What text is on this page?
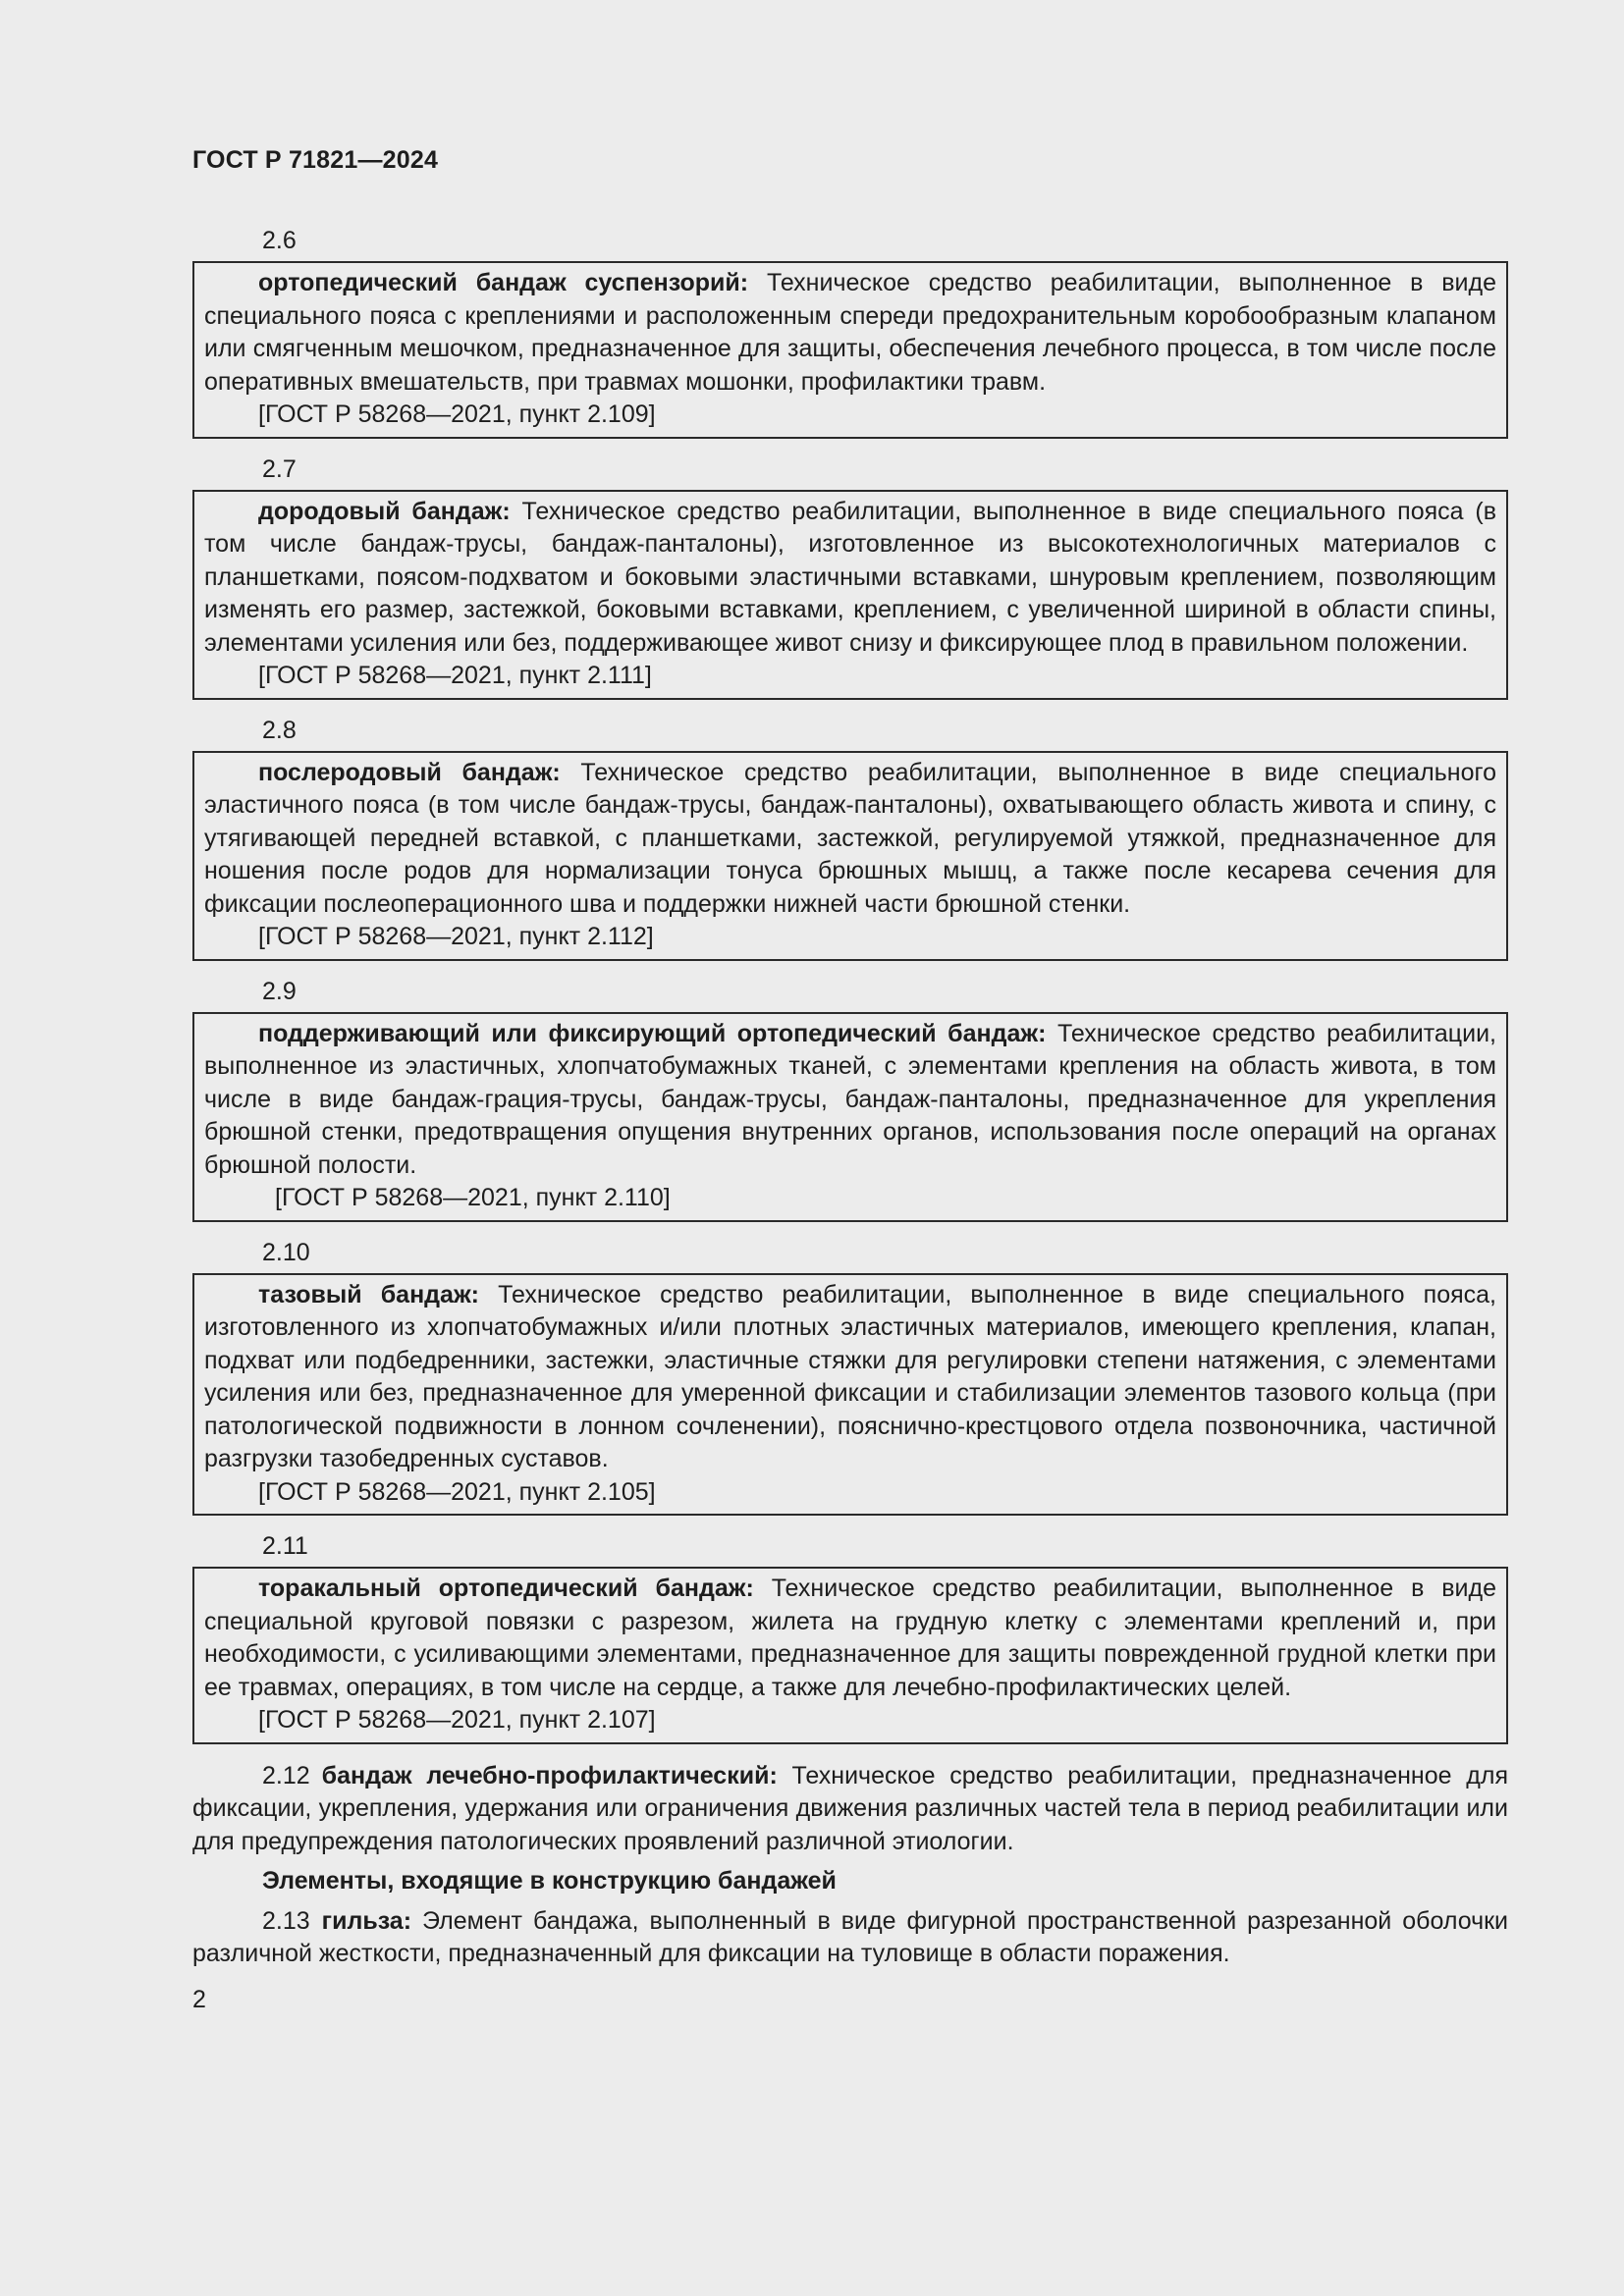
ГОСТ Р 71821—2024
2.6

ортопедический бандаж суспензорий: Техническое средство реабилитации, выполненное в виде специального пояса с креплениями и расположенным спереди предохранительным коробообразным клапаном или смягченным мешочком, предназначенное для защиты, обеспечения лечебного процесса, в том числе после оперативных вмешательств, при травмах мошонки, профилактики травм.

[ГОСТ Р 58268—2021, пункт 2.109]

2.7

дородовый бандаж: Техническое средство реабилитации, выполненное в виде специального пояса (в том числе бандаж-трусы, бандаж-панталоны), изготовленное из высокотехнологичных материалов с планшетками, поясом-подхватом и боковыми эластичными вставками, шнуровым креплением, позволяющим изменять его размер, застежкой, боковыми вставками, креплением, с увеличенной шириной в области спины, элементами усиления или без, поддерживающее живот снизу и фиксирующее плод в правильном положении.

[ГОСТ Р 58268—2021, пункт 2.111]

2.8

послеродовый бандаж: Техническое средство реабилитации, выполненное в виде специального эластичного пояса (в том числе бандаж-трусы, бандаж-панталоны), охватывающего область живота и спину, с утягивающей передней вставкой, с планшетками, застежкой, регулируемой утяжкой, предназначенное для ношения после родов для нормализации тонуса брюшных мышц, а также после кесарева сечения для фиксации послеоперационного шва и поддержки нижней части брюшной стенки.

[ГОСТ Р 58268—2021, пункт 2.112]

2.9

поддерживающий или фиксирующий ортопедический бандаж: Техническое средство реабилитации, выполненное из эластичных, хлопчатобумажных тканей, с элементами крепления на область живота, в том числе в виде бандаж-грация-трусы, бандаж-трусы, бандаж-панталоны, предназначенное для укрепления брюшной стенки, предотвращения опущения внутренних органов, использования после операций на органах брюшной полости.

[ГОСТ Р 58268—2021, пункт 2.110]

2.10

тазовый бандаж: Техническое средство реабилитации, выполненное в виде специального пояса, изготовленного из хлопчатобумажных и/или плотных эластичных материалов, имеющего крепления, клапан, подхват или подбедренники, застежки, эластичные стяжки для регулировки степени натяжения, с элементами усиления или без, предназначенное для умеренной фиксации и стабилизации элементов тазового кольца (при патологической подвижности в лонном сочленении), пояснично-крестцового отдела позвоночника, частичной разгрузки тазобедренных суставов.

[ГОСТ Р 58268—2021, пункт 2.105]

2.11

торакальный ортопедический бандаж: Техническое средство реабилитации, выполненное в виде специальной круговой повязки с разрезом, жилета на грудную клетку с элементами креплений и, при необходимости, с усиливающими элементами, предназначенное для защиты поврежденной грудной клетки при ее травмах, операциях, в том числе на сердце, а также для лечебно-профилактических целей.

[ГОСТ Р 58268—2021, пункт 2.107]

2.12 бандаж лечебно-профилактический: Техническое средство реабилитации, предназначенное для фиксации, укрепления, удержания или ограничения движения различных частей тела в период реабилитации или для предупреждения патологических проявлений различной этиологии.

Элементы, входящие в конструкцию бандажей

2.13 гильза: Элемент бандажа, выполненный в виде фигурной пространственной разрезанной оболочки различной жесткости, предназначенный для фиксации на туловище в области поражения.

2
